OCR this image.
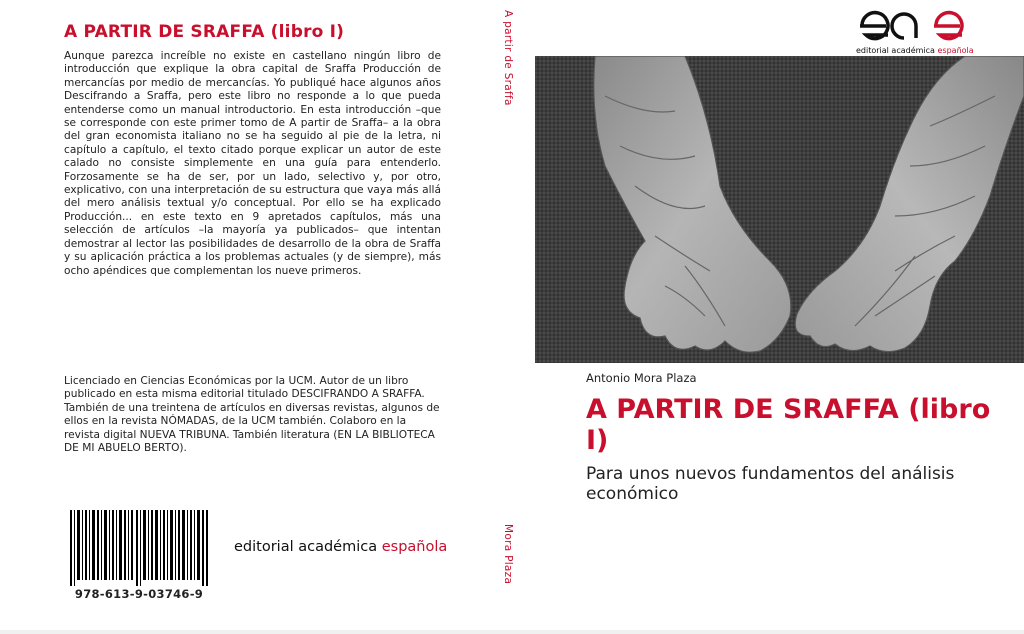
A PARTIR DE SRAFFA (libro I)
Aunque parezca increíble no existe en castellano ningún libro de introducción que explique la obra capital de Sraffa Producción de mercancías por medio de mercancías. Yo publiqué hace algunos años Descifrando a Sraffa, pero este libro no responde a lo que pueda entenderse como un manual introductorio. En esta introducción –que se corresponde con este primer tomo de A partir de Sraffa– a la obra del gran economista italiano no se ha seguido al pie de la letra, ni capítulo a capítulo, el texto citado porque explicar un autor de este calado no consiste simplemente en una guía para entenderlo. Forzosamente se ha de ser, por un lado, selectivo y, por otro, explicativo, con una interpretación de su estructura que vaya más allá del mero análisis textual y/o conceptual. Por ello se ha explicado Producción... en este texto en 9 apretados capítulos, más una selección de artículos –la mayoría ya publicados– que intentan demostrar al lector las posibilidades de desarrollo de la obra de Sraffa y su aplicación práctica a los problemas actuales (y de siempre), más ocho apéndices que complementan los nueve primeros.
Licenciado en Ciencias Económicas por la UCM. Autor de un libro publicado en esta misma editorial titulado DESCIFRANDO A SRAFFA. También de una treintena de artículos en diversas revistas, algunos de ellos en la revista NÓMADAS, de la UCM también. Colaboro en la revista digital NUEVA TRIBUNA. También literatura (EN LA BIBLIOTECA DE MI ABUELO BERTO).
978-613-9-03746-9
editorial académica española
A partir de Sraffa
Mora Plaza
editorial académica española
Antonio Mora Plaza
A PARTIR DE SRAFFA (libro I)
Para unos nuevos fundamentos del análisis económico
